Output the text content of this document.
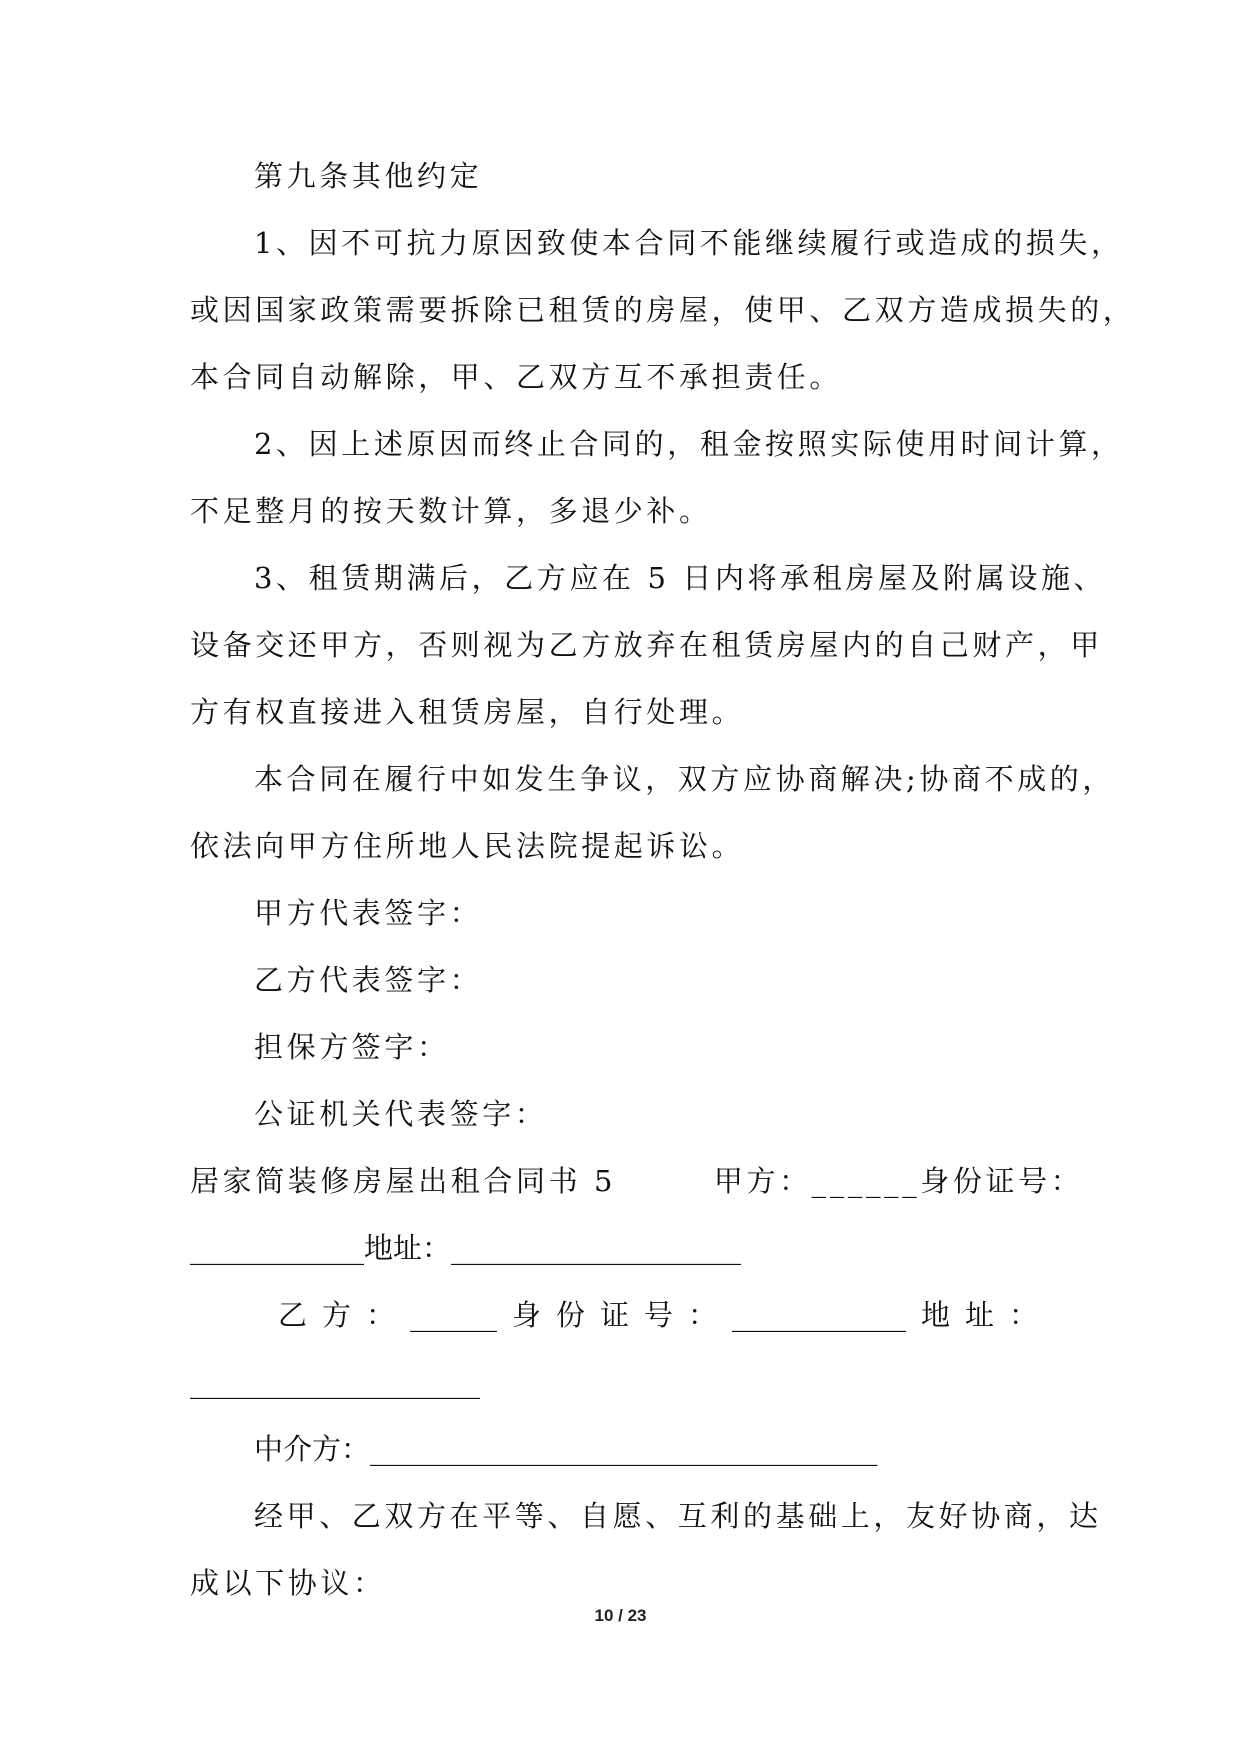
第九条其他约定
1、因不可抗力原因致使本合同不能继续履行或造成的损失，
或因国家政策需要拆除已租赁的房屋，使甲、乙双方造成损失的，
本合同自动解除，甲、乙双方互不承担责任。
2、因上述原因而终止合同的，租金按照实际使用时间计算，
不足整月的按天数计算，多退少补。
3、租赁期满后，乙方应在 5 日内将承租房屋及附属设施、
设备交还甲方，否则视为乙方放弃在租赁房屋内的自己财产，甲
方有权直接进入租赁房屋，自行处理。
本合同在履行中如发生争议，双方应协商解决;协商不成的，
依法向甲方住所地人民法院提起诉讼。
甲方代表签字：
乙方代表签字：
担保方签字：
公证机关代表签字：
居家简装修房屋出租合同书 5　　　甲方：______身份证号：
____________地址：____________________
乙 方 ： ______ 身 份 证 号 ： ____________ 地 址 ：
____________________
中介方：___________________________________
经甲、乙双方在平等、自愿、互利的基础上，友好协商，达
成以下协议：
10 / 23
